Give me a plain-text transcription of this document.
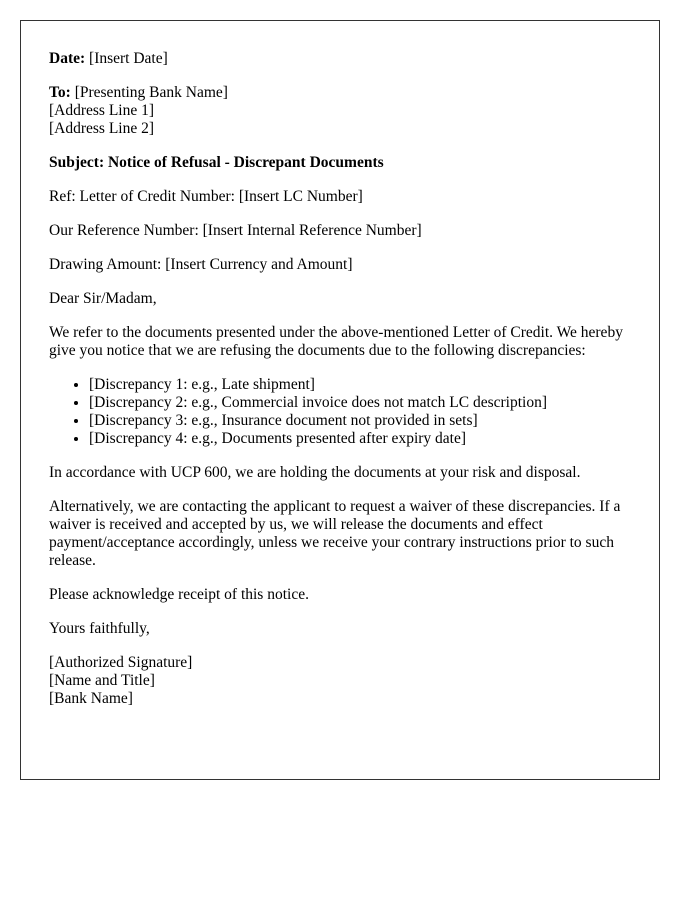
Date: [Insert Date]

To: [Presenting Bank Name]
[Address Line 1]
[Address Line 2]

Subject: Notice of Refusal - Discrepant Documents

Ref: Letter of Credit Number: [Insert LC Number]

Our Reference Number: [Insert Internal Reference Number]

Drawing Amount: [Insert Currency and Amount]

Dear Sir/Madam,

We refer to the documents presented under the above-mentioned Letter of Credit. We hereby give you notice that we are refusing the documents due to the following discrepancies:

• [Discrepancy 1: e.g., Late shipment]
• [Discrepancy 2: e.g., Commercial invoice does not match LC description]
• [Discrepancy 3: e.g., Insurance document not provided in sets]
• [Discrepancy 4: e.g., Documents presented after expiry date]

In accordance with UCP 600, we are holding the documents at your risk and disposal.

Alternatively, we are contacting the applicant to request a waiver of these discrepancies. If a waiver is received and accepted by us, we will release the documents and effect payment/acceptance accordingly, unless we receive your contrary instructions prior to such release.

Please acknowledge receipt of this notice.

Yours faithfully,

[Authorized Signature]
[Name and Title]
[Bank Name]
